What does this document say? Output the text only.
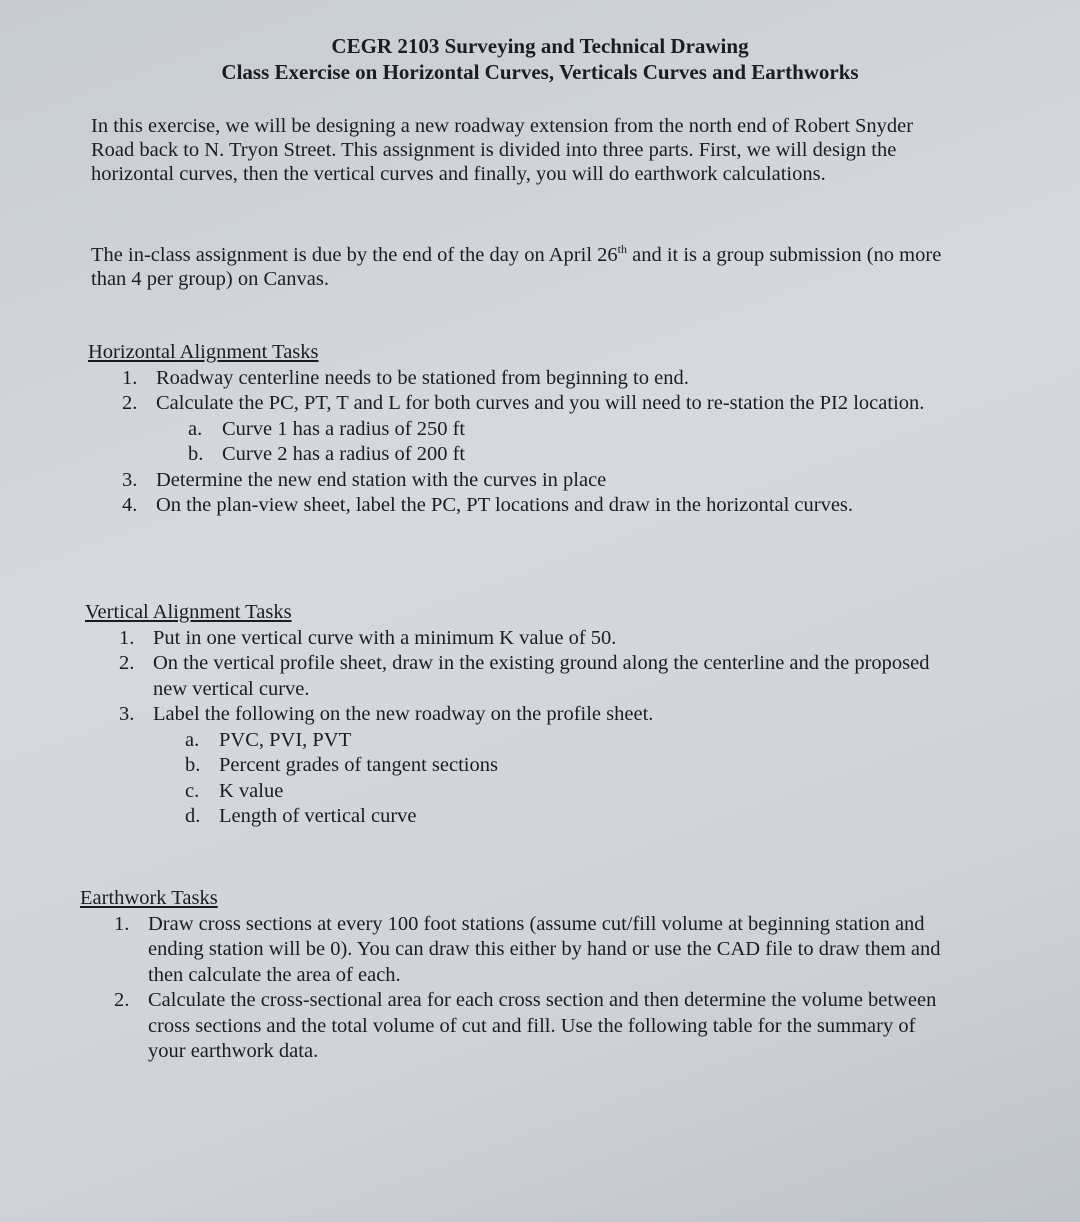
CEGR 2103 Surveying and Technical Drawing
Class Exercise on Horizontal Curves, Verticals Curves and Earthworks
In this exercise, we will be designing a new roadway extension from the north end of Robert Snyder Road back to N. Tryon Street. This assignment is divided into three parts. First, we will design the horizontal curves, then the vertical curves and finally, you will do earthwork calculations.
The in-class assignment is due by the end of the day on April 26th and it is a group submission (no more than 4 per group) on Canvas.
Horizontal Alignment Tasks
1. Roadway centerline needs to be stationed from beginning to end.
2. Calculate the PC, PT, T and L for both curves and you will need to re-station the PI2 location.
a. Curve 1 has a radius of 250 ft
b. Curve 2 has a radius of 200 ft
3. Determine the new end station with the curves in place
4. On the plan-view sheet, label the PC, PT locations and draw in the horizontal curves.
Vertical Alignment Tasks
1. Put in one vertical curve with a minimum K value of 50.
2. On the vertical profile sheet, draw in the existing ground along the centerline and the proposed new vertical curve.
3. Label the following on the new roadway on the profile sheet.
a. PVC, PVI, PVT
b. Percent grades of tangent sections
c. K value
d. Length of vertical curve
Earthwork Tasks
1. Draw cross sections at every 100 foot stations (assume cut/fill volume at beginning station and ending station will be 0). You can draw this either by hand or use the CAD file to draw them and then calculate the area of each.
2. Calculate the cross-sectional area for each cross section and then determine the volume between cross sections and the total volume of cut and fill. Use the following table for the summary of your earthwork data.
